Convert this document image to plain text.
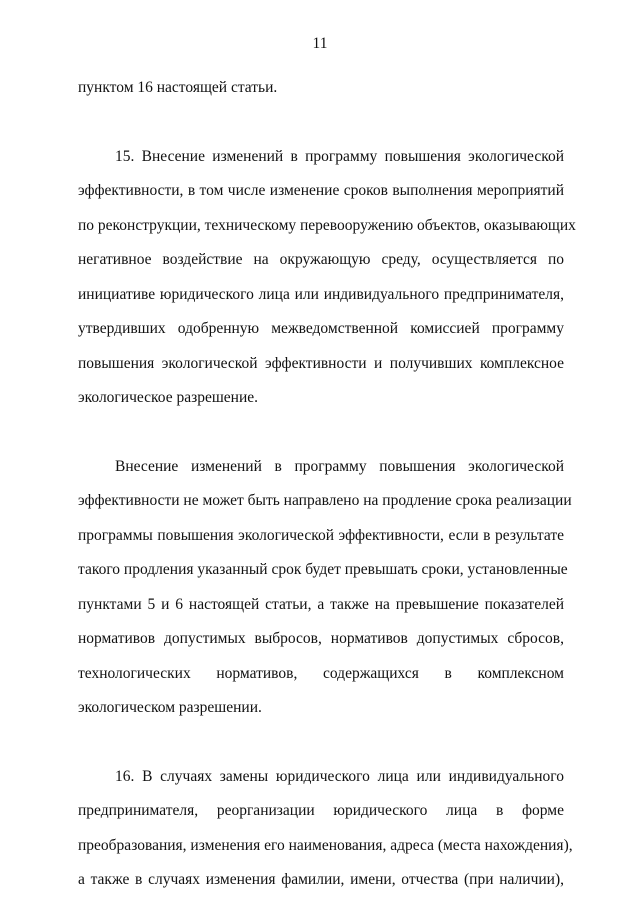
11
пунктом 16 настоящей статьи.
15. Внесение изменений в программу повышения экологической
эффективности, в том числе изменение сроков выполнения мероприятий
по реконструкции, техническому перевооружению объектов, оказывающих
негативное воздействие на окружающую среду, осуществляется по
инициативе юридического лица или индивидуального предпринимателя,
утвердивших одобренную межведомственной комиссией программу
повышения экологической эффективности и получивших комплексное
экологическое разрешение.
Внесение изменений в программу повышения экологической
эффективности не может быть направлено на продление срока реализации
программы повышения экологической эффективности, если в результате
такого продления указанный срок будет превышать сроки, установленные
пунктами 5 и 6 настоящей статьи, а также на превышение показателей
нормативов допустимых выбросов, нормативов допустимых сбросов,
технологических нормативов, содержащихся в комплексном
экологическом разрешении.
16. В случаях замены юридического лица или индивидуального
предпринимателя, реорганизации юридического лица в форме
преобразования, изменения его наименования, адреса (места нахождения),
а также в случаях изменения фамилии, имени, отчества (при наличии),
